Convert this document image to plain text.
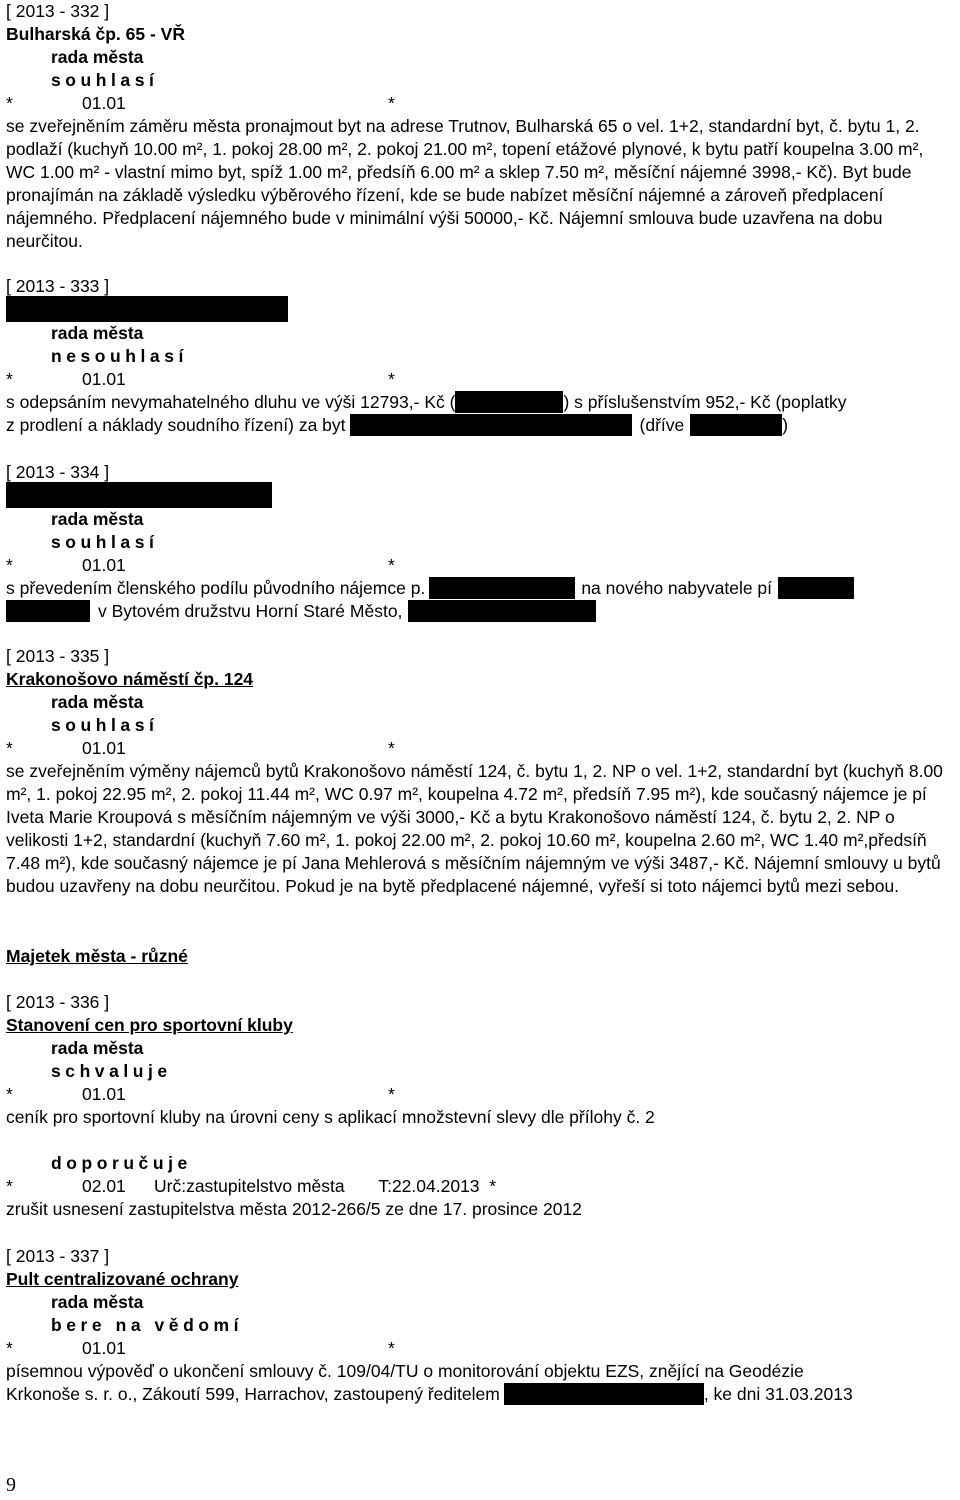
[ 2013 - 332 ]
Bulharská čp. 65 - VŘ
rada města
souhlasí
*	01.01	*
se zveřejněním záměru města pronajmout byt na adrese Trutnov, Bulharská 65 o vel. 1+2, standardní byt, č. bytu 1, 2. podlaží (kuchyň 10.00 m², 1. pokoj 28.00 m², 2. pokoj 21.00 m², topení etážové plynové, k bytu patří koupelna 3.00 m², WC 1.00 m² - vlastní mimo byt, spíž 1.00 m², předsíň 6.00 m² a sklep 7.50 m², měsíční nájemné 3998,- Kč). Byt bude pronajímán na základě výsledku výběrového řízení, kde se bude nabízet měsíční nájemné a zároveň předplacení nájemného. Předplacení nájemného bude v minimální výši 50000,- Kč. Nájemní smlouva bude uzavřena na dobu neurčitou.
[ 2013 - 333 ]
rada města
nesouhlasí
*	01.01	*
s odepsáním nevymahatelného dluhu ve výši 12793,- Kč (	) s příslušenstvím 952,- Kč (poplatky
z prodlení a náklady soudního řízení) za byt	(dříve	)
[ 2013 - 334 ]
rada města
souhlasí
*	01.01	*
s převedením členského podílu původního nájemce p.	na nového nabyvatele pí
v Bytovém družstvu Horní Staré Město,
[ 2013 - 335 ]
Krakonošovo náměstí čp. 124
rada města
souhlasí
*	01.01	*
se zveřejněním výměny nájemců bytů Krakonošovo náměstí 124, č. bytu 1, 2. NP o vel. 1+2, standardní byt (kuchyň 8.00 m², 1. pokoj 22.95 m², 2. pokoj 11.44 m², WC 0.97 m², koupelna 4.72 m², předsíň 7.95 m²), kde současný nájemce je pí Iveta Marie Kroupová s měsíčním nájemným ve výši 3000,- Kč a bytu Krakonošovo náměstí 124, č. bytu 2, 2. NP o velikosti 1+2, standardní (kuchyň 7.60 m², 1. pokoj 22.00 m², 2. pokoj 10.60 m², koupelna 2.60 m², WC 1.40 m²,předsíň 7.48 m²), kde současný nájemce je pí Jana Mehlerová s měsíčním nájemným ve výši 3487,- Kč. Nájemní smlouvy u bytů budou uzavřeny na dobu neurčitou. Pokud je na bytě předplacené nájemné, vyřeší si toto nájemci bytů mezi sebou.
Majetek města - různé
[ 2013 - 336 ]
Stanovení cen pro sportovní kluby
rada města
schvaluje
*	01.01	*
ceník pro sportovní kluby na úrovni ceny s aplikací množstevní slevy dle přílohy č. 2
doporučuje
*	02.01 Urč:zastupitelstvo města       T:22.04.2013  *
zrušit usnesení zastupitelstva města 2012-266/5 ze dne 17. prosince 2012
[ 2013 - 337 ]
Pult centralizované ochrany
rada města
bere na vědomí
*	01.01	*
písemnou výpověď o ukončení smlouvy č. 109/04/TU o monitorování objektu EZS, znějící na Geodézie
Krkonoše s. r. o., Zákoutí 599, Harrachov, zastoupený ředitelem	, ke dni 31.03.2013
9
